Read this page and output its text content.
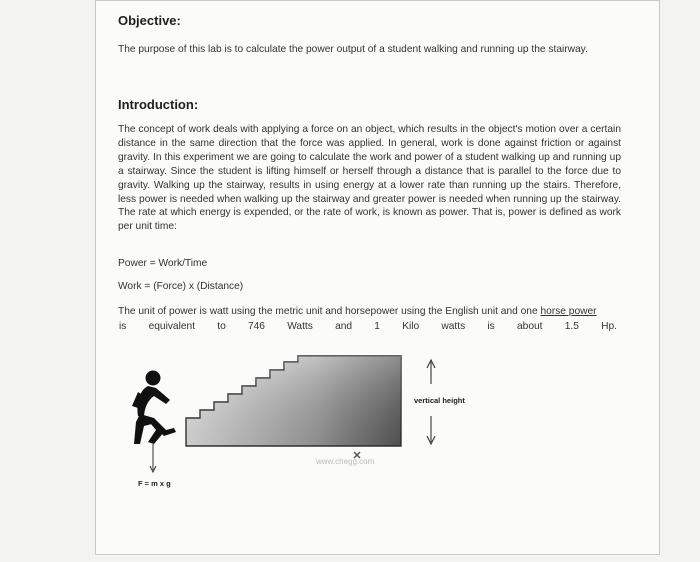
Objective:
The purpose of this lab is to calculate the power output of a student walking and running up the stairway.
Introduction:
The concept of work deals with applying a force on an object, which results in the object's motion over a certain distance in the same direction that the force was applied. In general, work is done against friction or against gravity. In this experiment we are going to calculate the work and power of a student walking up and running up a stairway. Since the student is lifting himself or herself through a distance that is parallel to the force due to gravity. Walking up the stairway, results in using energy at a lower rate than running up the stairs. Therefore, less power is needed when walking up the stairway and greater power is needed when running up the stairway. The rate at which energy is expended, or the rate of work, is known as power. That is, power is defined as work per unit time:
Power = Work/Time
Work = (Force) x (Distance)
The unit of power is watt using the metric unit and horsepower using the English unit and one horse power
is equivalent to 746 Watts and 1 Kilo watts is about 1.5 Hp.
www.chegg.com
vertical height
F = m x g
